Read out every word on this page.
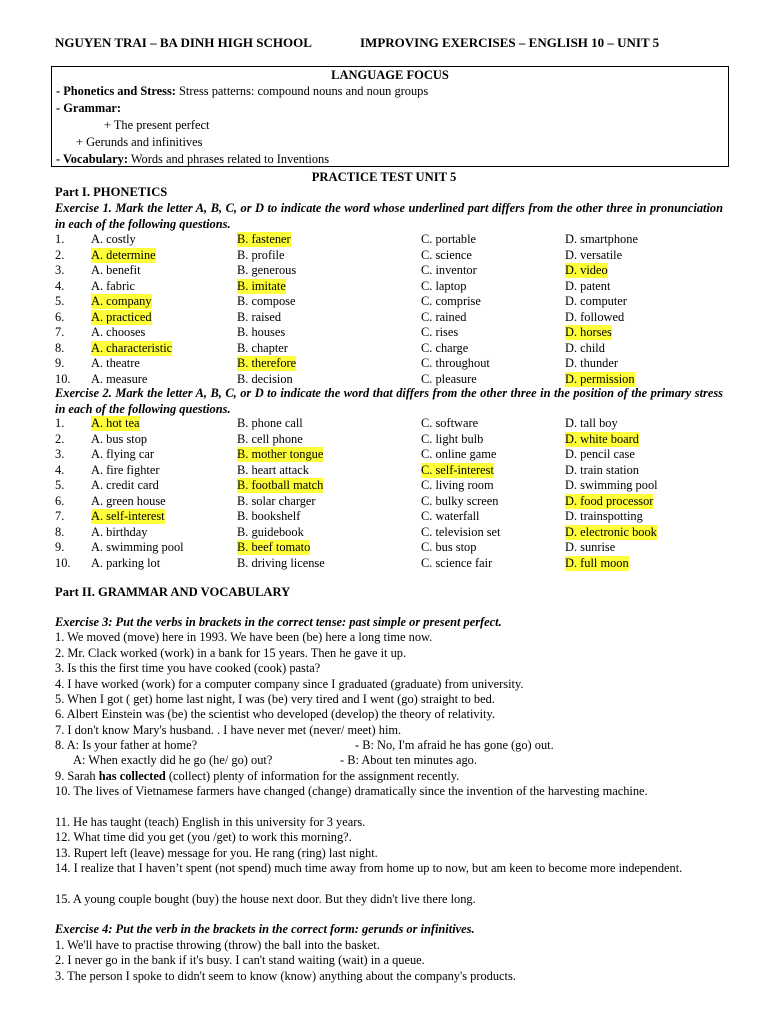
NGUYEN TRAI – BA DINH HIGH SCHOOL	IMPROVING EXERCISES – ENGLISH 10 – UNIT 5
LANGUAGE FOCUS
- Phonetics and Stress: Stress patterns: compound nouns and noun groups
- Grammar:
+ The present perfect
+ Gerunds and infinitives
- Vocabulary: Words and phrases related to Inventions
PRACTICE TEST UNIT 5
Part I. PHONETICS
Exercise 1. Mark the letter A, B, C, or D to indicate the word whose underlined part differs from the other three in pronunciation in each of the following questions.
1. A. costly	B. fastener	C. portable	D. smartphone
2. A. determine	B. profile	C. science	D. versatile
3. A. benefit	B. generous	C. inventor	D. video
4. A. fabric	B. imitate	C. laptop	D. patent
5. A. company	B. compose	C. comprise	D. computer
6. A. practiced	B. raised	C. rained	D. followed
7. A. chooses	B. houses	C. rises	D. horses
8. A. characteristic	B. chapter	C. charge	D. child
9. A. theatre	B. therefore	C. throughout	D. thunder
10. A. measure	B. decision	C. pleasure	D. permission
Exercise 2. Mark the letter A, B, C, or D to indicate the word that differs from the other three in the position of the primary stress in each of the following questions.
1. A. hot tea	B. phone call	C. software	D. tall boy
2. A. bus stop	B. cell phone	C. light bulb	D. white board
3. A. flying car	B. mother tongue	C. online game	D. pencil case
4. A. fire fighter	B. heart attack	C. self-interest	D. train station
5. A. credit card	B. football match	C. living room	D. swimming pool
6. A. green house	B. solar charger	C. bulky screen	D. food processor
7. A. self-interest	B. bookshelf	C. waterfall	D. trainspotting
8. A. birthday	B. guidebook	C. television set	D. electronic book
9. A. swimming pool	B. beef tomato	C. bus stop	D. sunrise
10. A. parking lot	B. driving license	C. science fair	D. full moon
Part II. GRAMMAR AND VOCABULARY
Exercise 3: Put the verbs in brackets in the correct tense: past simple or present perfect.
1. We moved (move) here in 1993. We have been (be) here a long time now.
2. Mr. Clack worked (work) in a bank for 15 years. Then he gave it up.
3. Is this the first time you have cooked (cook) pasta?
4. I have worked (work) for a computer company since I graduated (graduate) from university.
5. When I got ( get) home last night, I was (be) very tired and I went (go) straight to bed.
6. Albert Einstein was (be) the scientist who developed (develop) the theory of relativity.
7. I don't know Mary's husband. . I have never met (never/ meet) him.
8. A: Is your father at home?	- B: No, I'm afraid he has gone (go) out.
A: When exactly did he go (he/ go) out?	- B: About ten minutes ago.
9. Sarah has collected (collect) plenty of information for the assignment recently.
10. The lives of Vietnamese farmers have changed (change) dramatically since the invention of the harvesting machine.
11. He has taught (teach) English in this university for 3 years.
12. What time did you get (you /get) to work this morning?.
13. Rupert left (leave) message for you. He rang (ring) last night.
14. I realize that I haven’t spent (not spend) much time away from home up to now, but am keen to become more independent.
15. A young couple bought (buy) the house next door. But they didn't live there long.
Exercise 4: Put the verb in the brackets in the correct form: gerunds or infinitives.
1. We'll have to practise throwing (throw) the ball into the basket.
2. I never go in the bank if it's busy. I can't stand waiting (wait) in a queue.
3. The person I spoke to didn't seem to know (know) anything about the company's products.
